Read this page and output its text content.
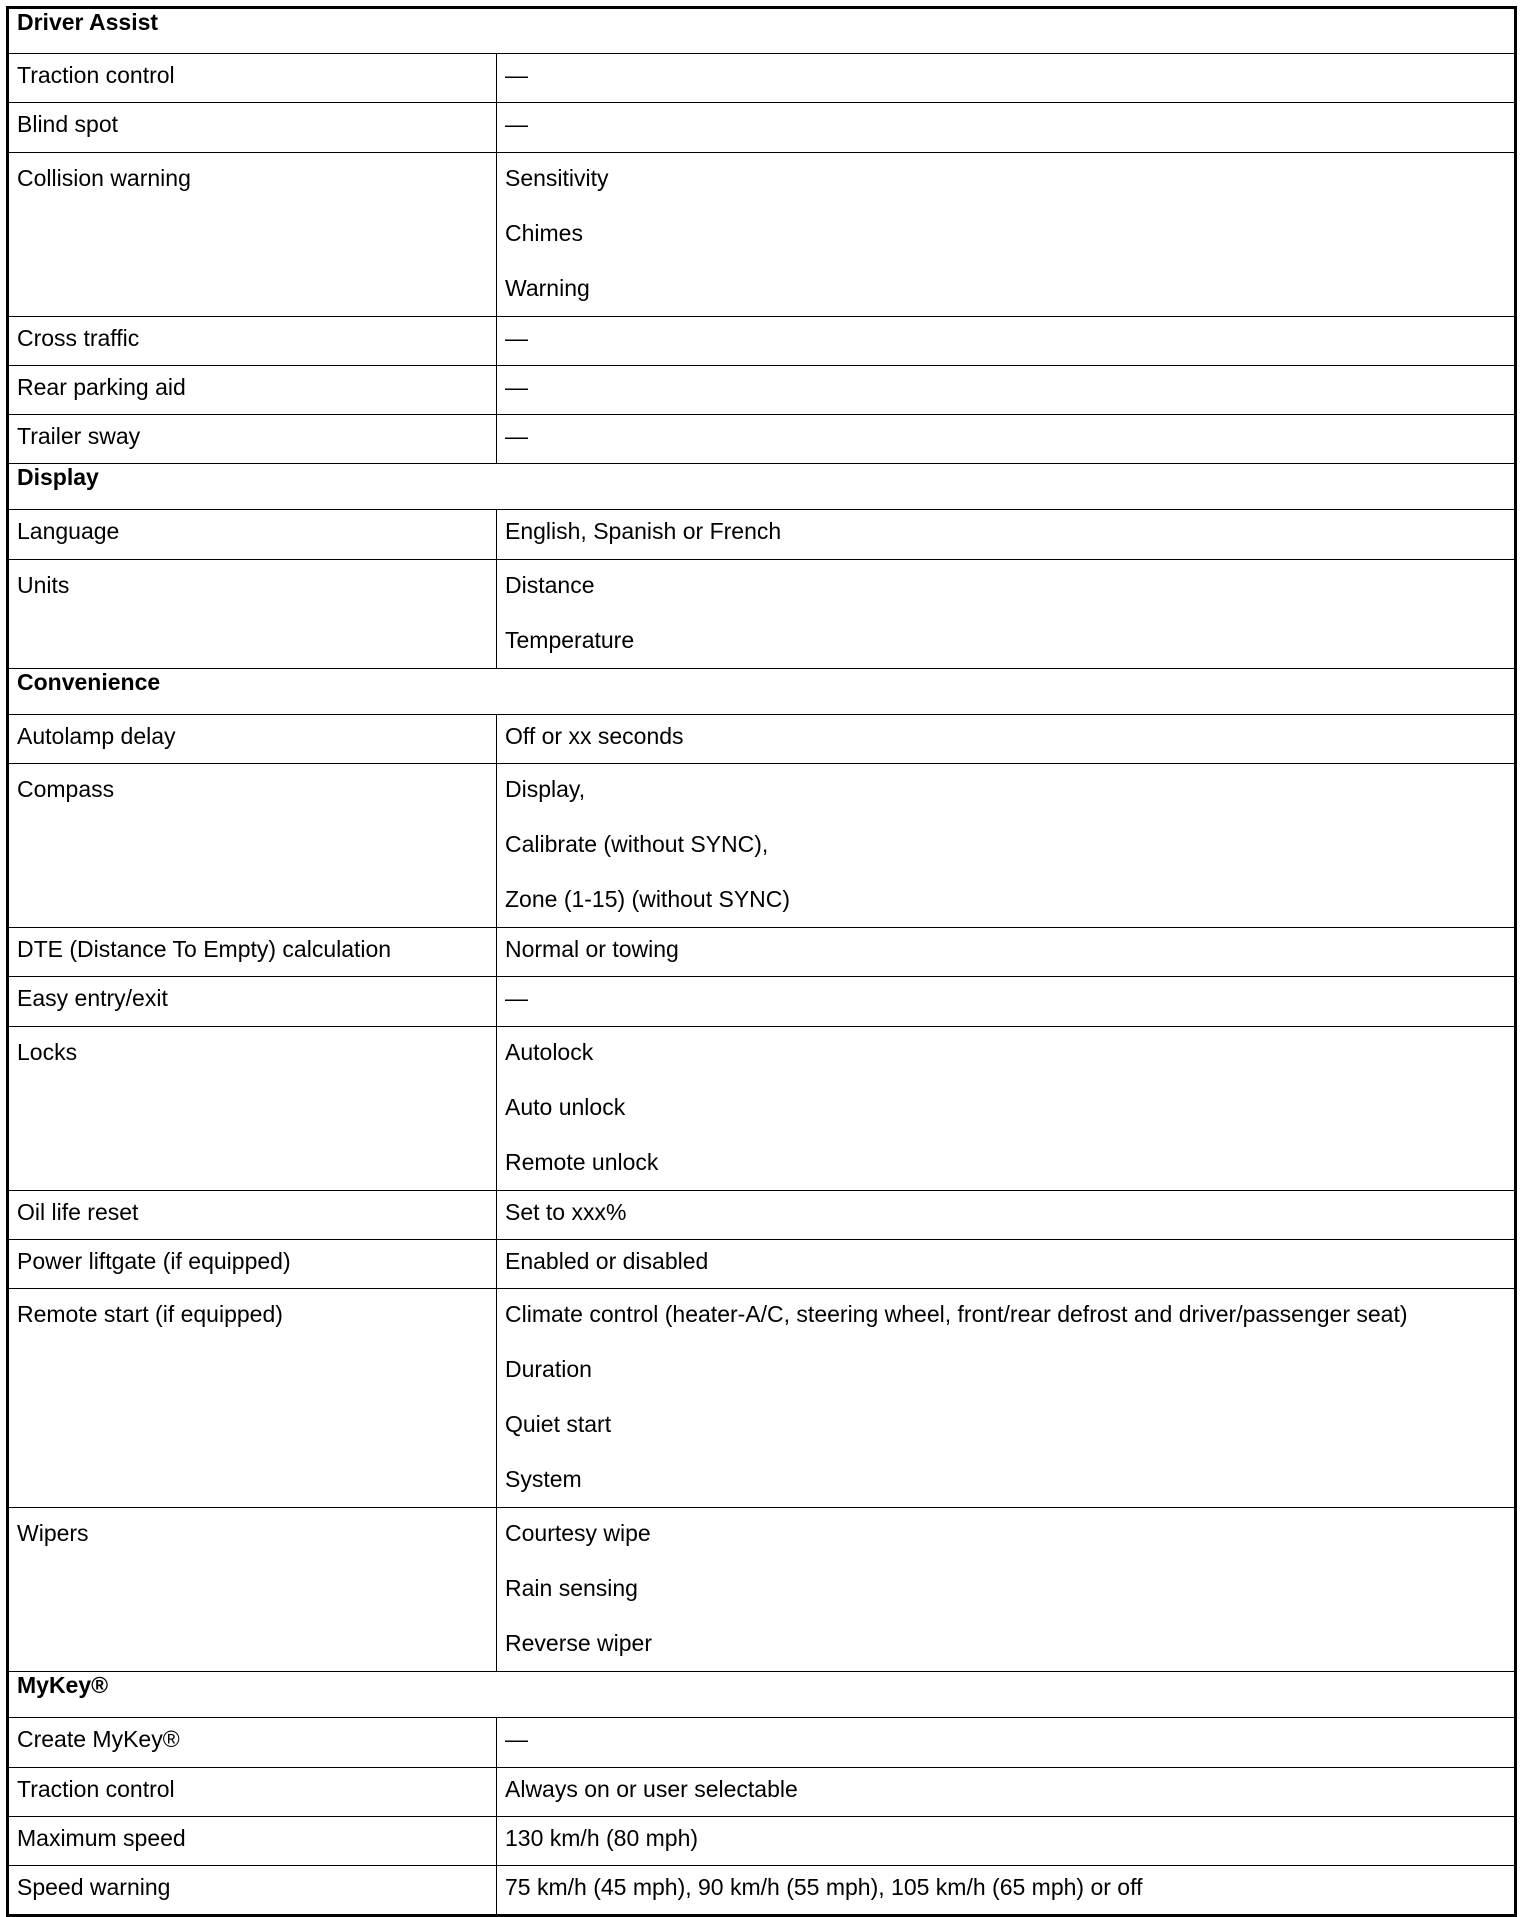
Driver Assist	

Traction control	—

Blind spot	—

Collision warning	Sensitivity
Chimes
Warning

Cross traffic	—

Rear parking aid	—

Trailer sway	—

Display	

Language	English, Spanish or French

Units	Distance
Temperature

Convenience	

Autolamp delay	Off or xx seconds

Compass	Display,
Calibrate (without SYNC),
Zone (1-15) (without SYNC)

DTE (Distance To Empty) calculation	Normal or towing

Easy entry/exit	—

Locks	Autolock
Auto unlock
Remote unlock

Oil life reset	Set to xxx%

Power liftgate (if equipped)	Enabled or disabled

Remote start (if equipped)	Climate control (heater-A/C, steering wheel, front/rear defrost and driver/passenger seat)
Duration
Quiet start
System

Wipers	Courtesy wipe
Rain sensing
Reverse wiper

MyKey®	

Create MyKey®	—

Traction control	Always on or user selectable

Maximum speed	130 km/h (80 mph)

Speed warning	75 km/h (45 mph), 90 km/h (55 mph), 105 km/h (65 mph) or off
